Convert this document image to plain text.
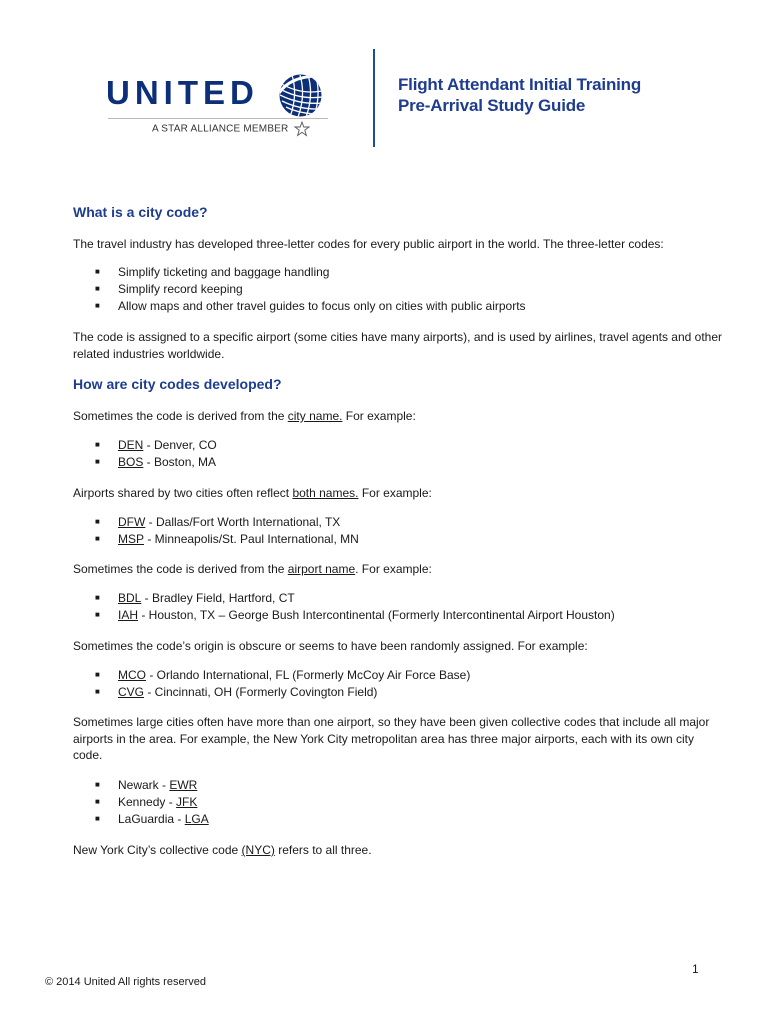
UNITED
A STAR ALLIANCE MEMBER
Flight Attendant Initial Training
Pre-Arrival Study Guide
What is a city code?
The travel industry has developed three-letter codes for every public airport in the world. The three-letter codes:
■ Simplify ticketing and baggage handling
■ Simplify record keeping
■ Allow maps and other travel guides to focus only on cities with public airports
The code is assigned to a specific airport (some cities have many airports), and is used by airlines, travel agents and other related industries worldwide.
How are city codes developed?
Sometimes the code is derived from the city name. For example:
■ DEN - Denver, CO
■ BOS - Boston, MA
Airports shared by two cities often reflect both names. For example:
■ DFW - Dallas/Fort Worth International, TX
■ MSP - Minneapolis/St. Paul International, MN
Sometimes the code is derived from the airport name. For example:
■ BDL - Bradley Field, Hartford, CT
■ IAH - Houston, TX – George Bush Intercontinental (Formerly Intercontinental Airport Houston)
Sometimes the code’s origin is obscure or seems to have been randomly assigned. For example:
■ MCO - Orlando International, FL (Formerly McCoy Air Force Base)
■ CVG - Cincinnati, OH (Formerly Covington Field)
Sometimes large cities often have more than one airport, so they have been given collective codes that include all major airports in the area. For example, the New York City metropolitan area has three major airports, each with its own city code.
■ Newark - EWR
■ Kennedy - JFK
■ LaGuardia - LGA
New York City’s collective code (NYC) refers to all three.
1
© 2014 United All rights reserved
